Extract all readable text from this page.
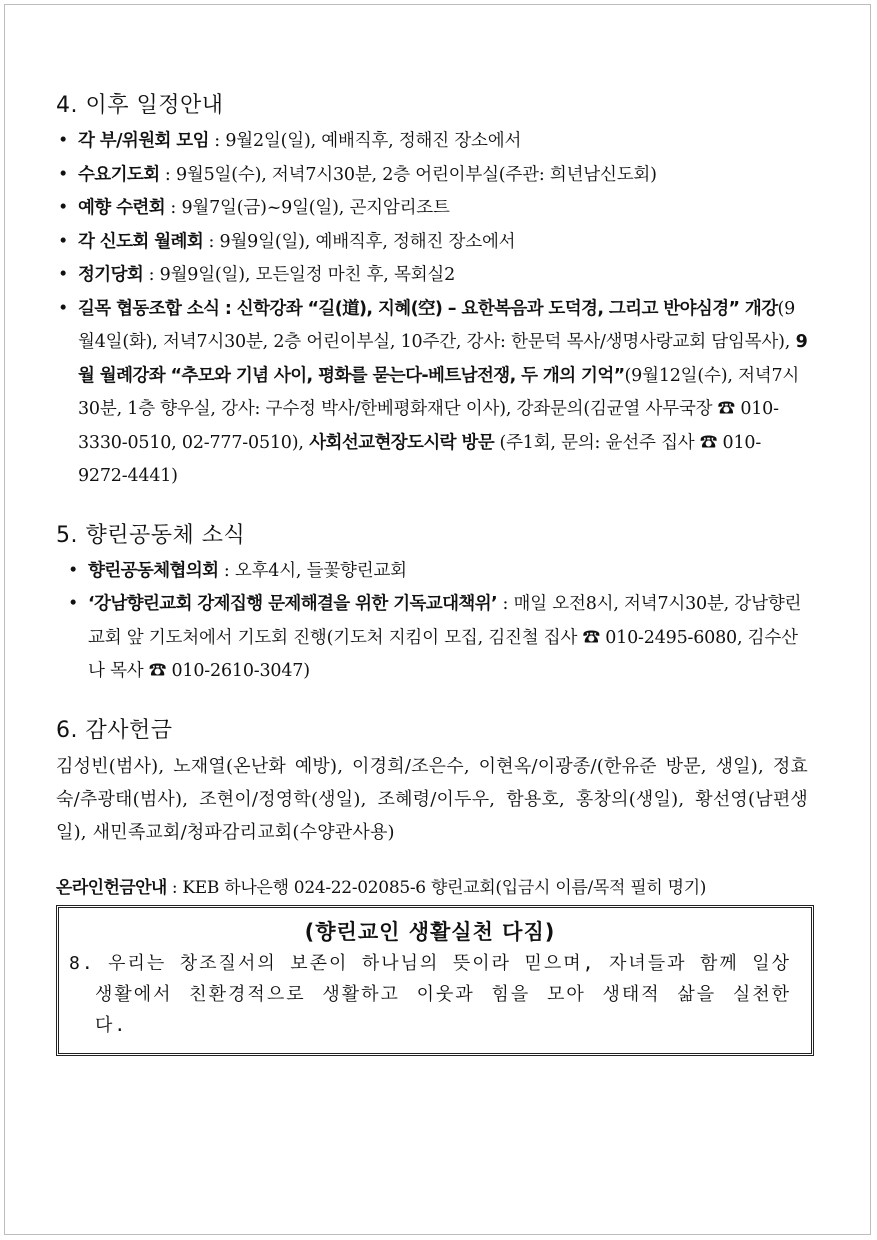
4. 이후 일정안내
• 각 부/위원회 모임 : 9월2일(일), 예배직후, 정해진 장소에서
• 수요기도회 : 9월5일(수), 저녁7시30분, 2층 어린이부실(주관: 희년남신도회)
• 예향 수련회 : 9월7일(금)~9일(일), 곤지암리조트
• 각 신도회 월례회 : 9월9일(일), 예배직후, 정해진 장소에서
• 정기당회 : 9월9일(일), 모든일정 마친 후, 목회실2
• 길목 협동조합 소식 : 신학강좌 “길(道), 지혜(空) – 요한복음과 도덕경, 그리고 반야심경” 개강(9월4일(화), 저녁7시30분, 2층 어린이부실, 10주간, 강사: 한문덕 목사/생명사랑교회 담임목사), 9월 월례강좌 “추모와 기념 사이, 평화를 묻는다-베트남전쟁, 두 개의 기억”(9월12일(수), 저녁7시30분, 1층 향우실, 강사: 구수정 박사/한베평화재단 이사), 강좌문의(김균열 사무국장 ☎ 010-3330-0510, 02-777-0510), 사회선교현장도시락 방문 (주1회, 문의: 윤선주 집사 ☎ 010-9272-4441)
5. 향린공동체 소식
• 향린공동체협의회 : 오후4시, 들꽃향린교회
• ‘강남향린교회 강제집행 문제해결을 위한 기독교대책위’ : 매일 오전8시, 저녁7시30분, 강남향린교회 앞 기도처에서 기도회 진행(기도처 지킴이 모집, 김진철 집사 ☎ 010-2495-6080, 김수산나 목사 ☎ 010-2610-3047)
6. 감사헌금
김성빈(범사), 노재열(온난화 예방), 이경희/조은수, 이현옥/이광종/(한유준 방문, 생일), 정효숙/추광태(범사), 조현이/정영학(생일), 조혜령/이두우, 함용호, 홍창의(생일), 황선영(남편생일), 새민족교회/청파감리교회(수양관사용)
온라인헌금안내 : KEB 하나은행 024-22-02085-6 향린교회(입금시 이름/목적 필히 명기)
(향린교인 생활실천 다짐)
8. 우리는 창조질서의 보존이 하나님의 뜻이라 믿으며, 자녀들과 함께 일상생활에서 친환경적으로 생활하고 이웃과 힘을 모아 생태적 삶을 실천한다.
